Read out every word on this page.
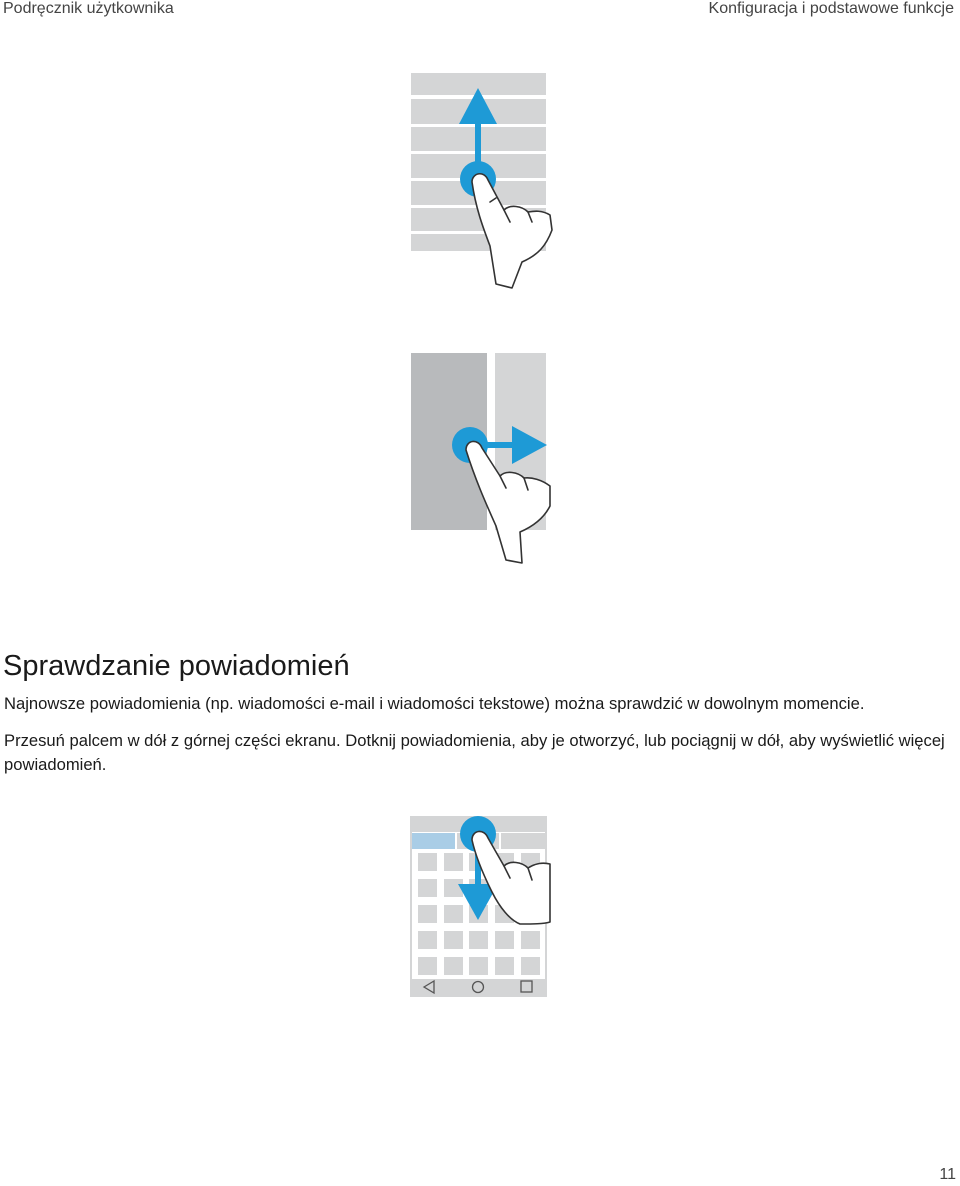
Podręcznik użytkownika	Konfiguracja i podstawowe funkcje
Sprawdzanie powiadomień

Najnowsze powiadomienia (np. wiadomości e-mail i wiadomości tekstowe) można sprawdzić w dowolnym momencie.

Przesuń palcem w dół z górnej części ekranu. Dotknij powiadomienia, aby je otworzyć, lub pociągnij w dół, aby wyświetlić więcej powiadomień.

11
